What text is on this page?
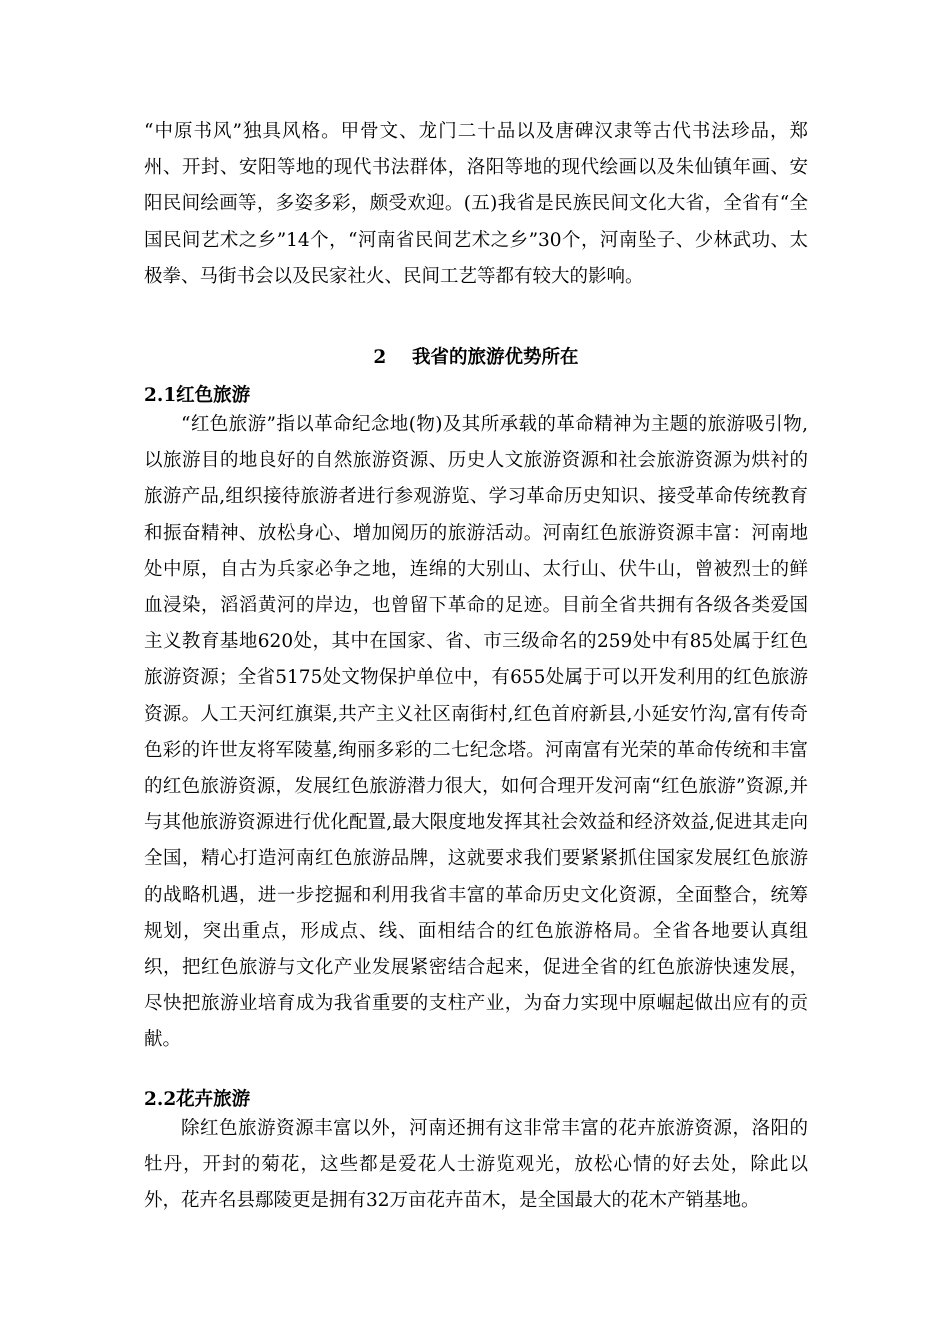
“中原书风”独具风格。甲骨文、龙门二十品以及唐碑汉隶等古代书法珍品，郑州、开封、安阳等地的现代书法群体，洛阳等地的现代绘画以及朱仙镇年画、安阳民间绘画等，多姿多彩，颇受欢迎。(五)我省是民族民间文化大省，全省有“全国民间艺术之乡”14个，“河南省民间艺术之乡”30个，河南坠子、少林武功、太极拳、马街书会以及民家社火、民间工艺等都有较大的影响。

2    我省的旅游优势所在
2.1红色旅游

“红色旅游”指以革命纪念地(物)及其所承载的革命精神为主题的旅游吸引物,以旅游目的地良好的自然旅游资源、历史人文旅游资源和社会旅游资源为烘衬的旅游产品,组织接待旅游者进行参观游览、学习革命历史知识、接受革命传统教育和振奋精神、放松身心、增加阅历的旅游活动。河南红色旅游资源丰富：河南地处中原，自古为兵家必争之地，连绵的大别山、太行山、伏牛山，曾被烈士的鲜血浸染，滔滔黄河的岸边，也曾留下革命的足迹。目前全省共拥有各级各类爱国主义教育基地620处，其中在国家、省、市三级命名的259处中有85处属于红色旅游资源；全省5175处文物保护单位中，有655处属于可以开发利用的红色旅游资源。人工天河红旗渠,共产主义社区南街村,红色首府新县,小延安竹沟,富有传奇色彩的许世友将军陵墓,绚丽多彩的二七纪念塔。河南富有光荣的革命传统和丰富的红色旅游资源，发展红色旅游潜力很大，如何合理开发河南“红色旅游”资源,并与其他旅游资源进行优化配置,最大限度地发挥其社会效益和经济效益,促进其走向全国，精心打造河南红色旅游品牌，这就要求我们要紧紧抓住国家发展红色旅游的战略机遇，进一步挖掘和利用我省丰富的革命历史文化资源，全面整合，统筹规划，突出重点，形成点、线、面相结合的红色旅游格局。全省各地要认真组织，把红色旅游与文化产业发展紧密结合起来，促进全省的红色旅游快速发展，尽快把旅游业培育成为我省重要的支柱产业，为奋力实现中原崛起做出应有的贡献。

2.2花卉旅游

除红色旅游资源丰富以外，河南还拥有这非常丰富的花卉旅游资源，洛阳的牡丹，开封的菊花，这些都是爱花人士游览观光，放松心情的好去处，除此以外，花卉名县鄢陵更是拥有32万亩花卉苗木，是全国最大的花木产销基地。
